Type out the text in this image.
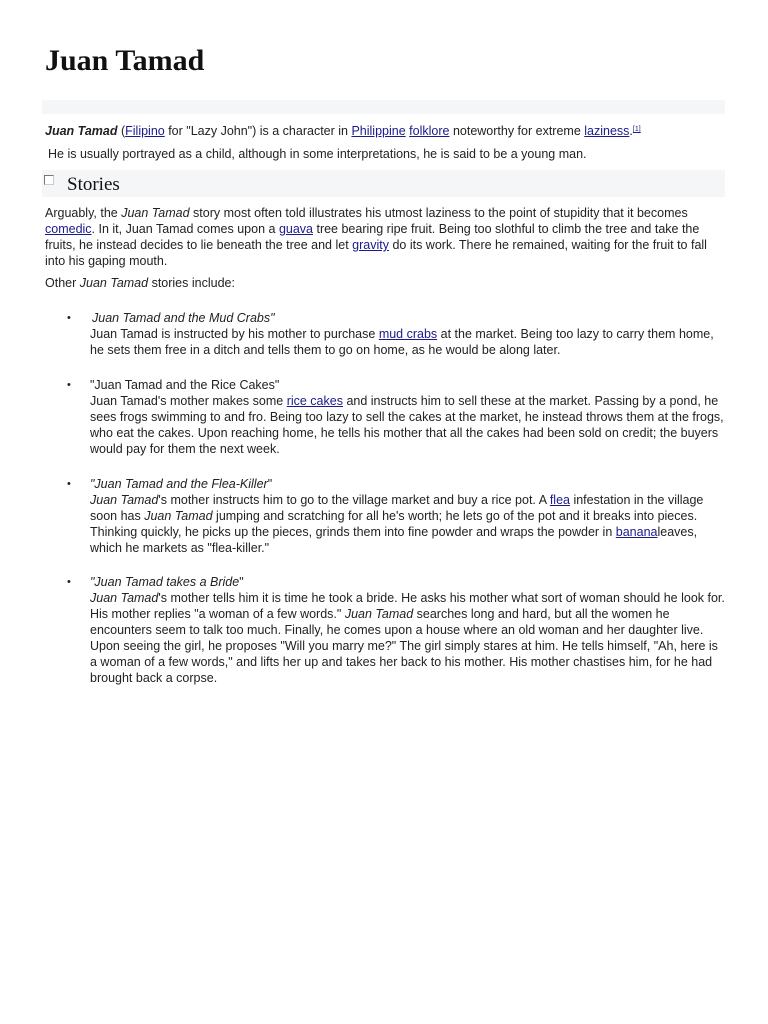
Juan Tamad

Juan Tamad (Filipino for "Lazy John") is a character in Philippine folklore noteworthy for extreme laziness.[1]

He is usually portrayed as a child, although in some interpretations, he is said to be a young man.

Stories

Arguably, the Juan Tamad story most often told illustrates his utmost laziness to the point of stupidity that it becomes comedic. In it, Juan Tamad comes upon a guava tree bearing ripe fruit. Being too slothful to climb the tree and take the fruits, he instead decides to lie beneath the tree and let gravity do its work. There he remained, waiting for the fruit to fall into his gaping mouth.

Other Juan Tamad stories include:

• Juan Tamad and the Mud Crabs"
Juan Tamad is instructed by his mother to purchase mud crabs at the market. Being too lazy to carry them home, he sets them free in a ditch and tells them to go on home, as he would be along later.
• "Juan Tamad and the Rice Cakes"
Juan Tamad's mother makes some rice cakes and instructs him to sell these at the market. Passing by a pond, he sees frogs swimming to and fro. Being too lazy to sell the cakes at the market, he instead throws them at the frogs, who eat the cakes. Upon reaching home, he tells his mother that all the cakes had been sold on credit; the buyers would pay for them the next week.
• "Juan Tamad and the Flea-Killer"
Juan Tamad's mother instructs him to go to the village market and buy a rice pot. A flea infestation in the village soon has Juan Tamad jumping and scratching for all he's worth; he lets go of the pot and it breaks into pieces. Thinking quickly, he picks up the pieces, grinds them into fine powder and wraps the powder in bananaleaves, which he markets as "flea-killer."
• "Juan Tamad takes a Bride"
Juan Tamad's mother tells him it is time he took a bride. He asks his mother what sort of woman should he look for. His mother replies "a woman of a few words." Juan Tamad searches long and hard, but all the women he encounters seem to talk too much. Finally, he comes upon a house where an old woman and her daughter live. Upon seeing the girl, he proposes "Will you marry me?" The girl simply stares at him. He tells himself, "Ah, here is a woman of a few words," and lifts her up and takes her back to his mother. His mother chastises him, for he had brought back a corpse.
